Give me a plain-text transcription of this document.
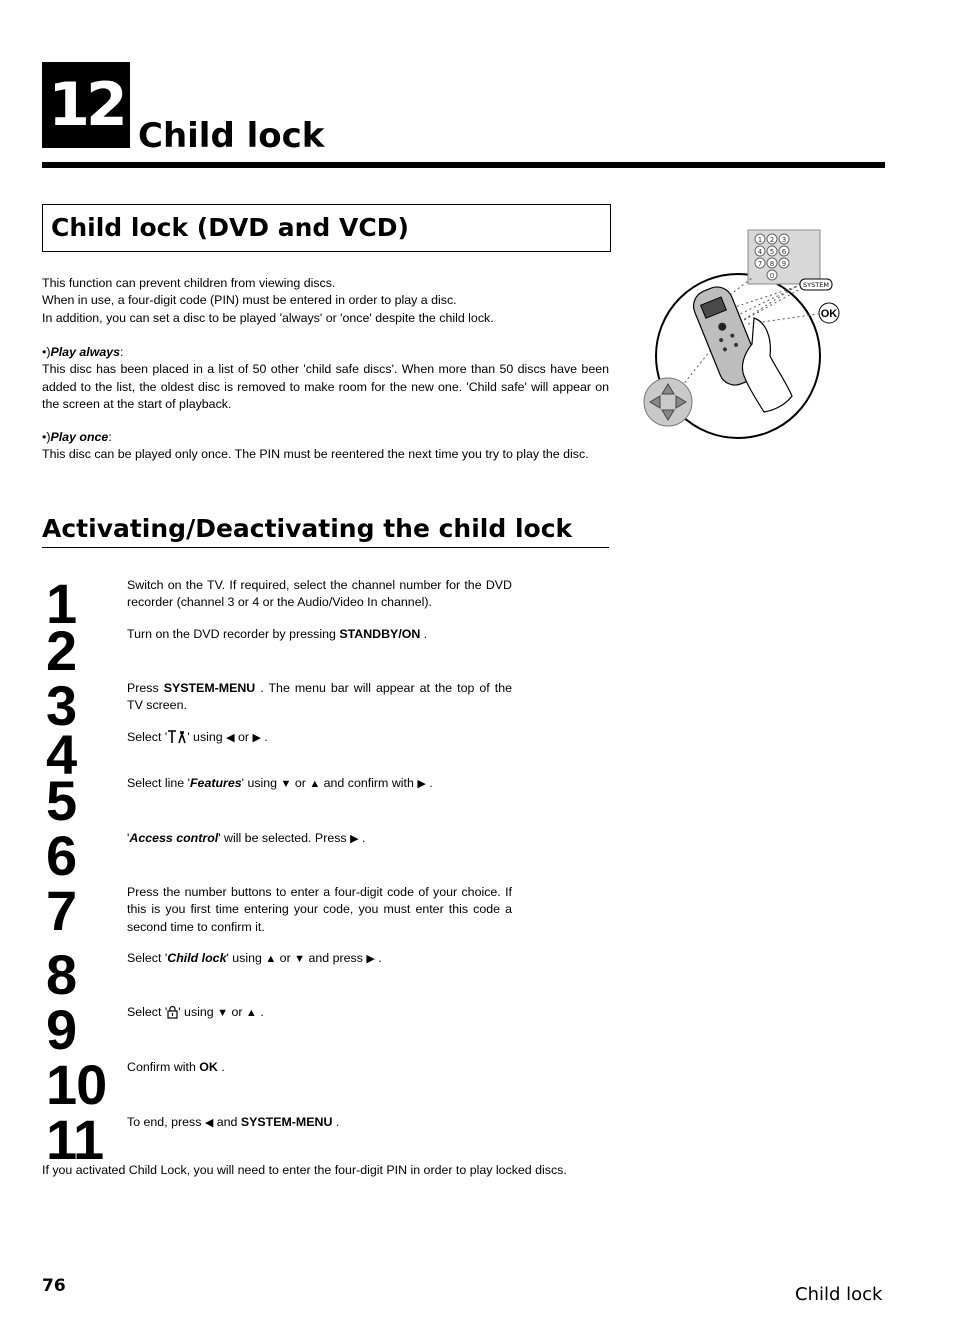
12 Child lock
Child lock (DVD and VCD)
This function can prevent children from viewing discs.
When in use, a four-digit code (PIN) must be entered in order to play a disc.
In addition, you can set a disc to be played 'always' or 'once' despite the child lock.
•)Play always:
This disc has been placed in a list of 50 other 'child safe discs'. When more than 50 discs have been added to the list, the oldest disc is removed to make room for the new one. 'Child safe' will appear on the screen at the start of playback.
•)Play once:
This disc can be played only once. The PIN must be reentered the next time you try to play the disc.
1 2 3
4 5 6
7 8 9
0
SYSTEM
OK
Activating/Deactivating the child lock
1
2
3
4
5
6
7
8
9
10
11
Switch on the TV. If required, select the channel number for the DVD recorder (channel 3 or 4 or the Audio/Video In channel).
Turn on the DVD recorder by pressing STANDBY/ON .
Press SYSTEM-MENU . The menu bar will appear at the top of the TV screen.
Select ' ' using ◀ or ▶ .
Select line 'Features' using ▼ or ▲ and confirm with ▶ .
'Access control' will be selected. Press ▶ .
Press the number buttons to enter a four-digit code of your choice. If this is you first time entering your code, you must enter this code a second time to confirm it.
Select 'Child lock' using ▲ or ▼ and press ▶ .
Select ' ' using ▼ or ▲ .
Confirm with OK .
To end, press ◀ and SYSTEM-MENU .
If you activated Child Lock, you will need to enter the four-digit PIN in order to play locked discs.
76	Child lock
